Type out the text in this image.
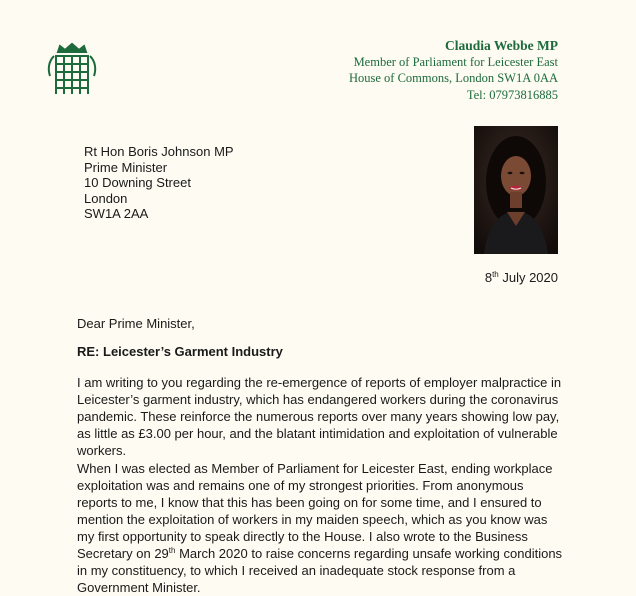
Claudia Webbe MP
Member of Parliament for Leicester East
House of Commons, London SW1A 0AA
Tel: 07973816885
Rt Hon Boris Johnson MP
Prime Minister
10 Downing Street
London
SW1A 2AA
8th July 2020
Dear Prime Minister,
RE: Leicester’s Garment Industry
I am writing to you regarding the re-emergence of reports of employer malpractice in
Leicester’s garment industry, which has endangered workers during the coronavirus
pandemic. These reinforce the numerous reports over many years showing low pay,
as little as £3.00 per hour, and the blatant intimidation and exploitation of vulnerable
workers.
When I was elected as Member of Parliament for Leicester East, ending workplace
exploitation was and remains one of my strongest priorities. From anonymous
reports to me, I know that this has been going on for some time, and I ensured to
mention the exploitation of workers in my maiden speech, which as you know was
my first opportunity to speak directly to the House. I also wrote to the Business
Secretary on 29th March 2020 to raise concerns regarding unsafe working conditions
in my constituency, to which I received an inadequate stock response from a
Government Minister.
